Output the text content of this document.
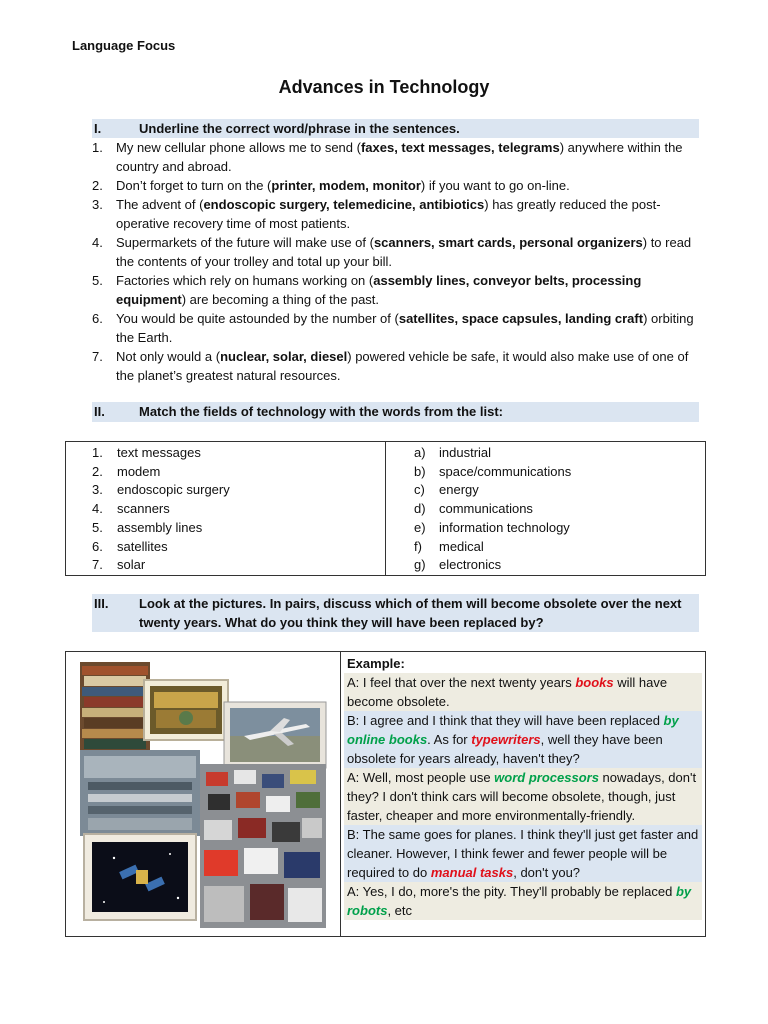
Language Focus
Advances in Technology
I.	Underline the correct word/phrase in the sentences.
1. My new cellular phone allows me to send (faxes, text messages, telegrams) anywhere within the country and abroad.
2. Don’t forget to turn on the (printer, modem, monitor) if you want to go on-line.
3. The advent of (endoscopic surgery, telemedicine, antibiotics) has greatly reduced the post-operative recovery time of most patients.
4. Supermarkets of the future will make use of (scanners, smart cards, personal organizers) to read the contents of your trolley and total up your bill.
5. Factories which rely on humans working on (assembly lines, conveyor belts, processing equipment) are becoming a thing of the past.
6. You would be quite astounded by the number of (satellites, space capsules, landing craft) orbiting the Earth.
7. Not only would a (nuclear, solar, diesel) powered vehicle be safe, it would also make use of one of the planet’s greatest natural resources.
II.	Match the fields of technology with the words from the list:
1. text messages
2. modem
3. endoscopic surgery
4. scanners
5. assembly lines
6. satellites
7. solar
a) industrial
b) space/communications
c) energy
d) communications
e) information technology
f) medical
g) electronics
III. Look at the pictures. In pairs, discuss which of them will become obsolete over the next twenty years. What do you think they will have been replaced by?
Example:
A: I feel that over the next twenty years books will have become obsolete.
B: I agree and I think that they will have been replaced by online books. As for typewriters, well they have been obsolete for years already, haven't they?
A: Well, most people use word processors nowadays, don't they? I don't think cars will become obsolete, though, just faster, cheaper and more environmentally-friendly.
B: The same goes for planes. I think they'll just get faster and cleaner. However, I think fewer and fewer people will be required to do manual tasks, don't you?
A: Yes, I do, more's the pity. They'll probably be replaced by robots, etc
